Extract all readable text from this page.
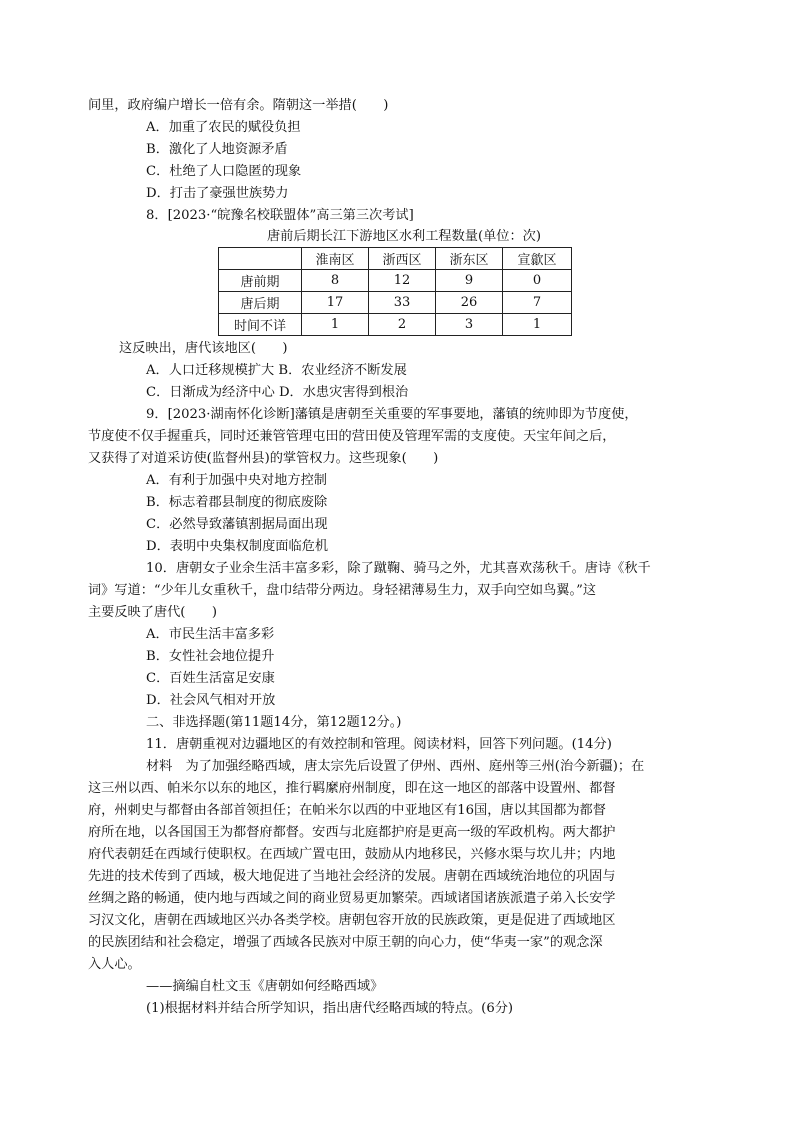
间里，政府编户增长一倍有余。隋朝这一举措(　　)
A．加重了农民的赋役负担
B．激化了人地资源矛盾
C．杜绝了人口隐匿的现象
D．打击了豪强世族势力
8．[2023·“皖豫名校联盟体”高三第三次考试]
唐前后期长江下游地区水利工程数量(单位：次)
	淮南区	浙西区	浙东区	宣歙区
唐前期	8	12	9	0
唐后期	17	33	26	7
时间不详	1	2	3	1
这反映出，唐代该地区(　　)
A．人口迁移规模扩大 B．农业经济不断发展
C．日渐成为经济中心 D．水患灾害得到根治
9．[2023·湖南怀化诊断]藩镇是唐朝至关重要的军事要地，藩镇的统帅即为节度使，
节度使不仅手握重兵，同时还兼管管理屯田的营田使及管理军需的支度使。天宝年间之后，
又获得了对道采访使(监督州县)的掌管权力。这些现象(　　)
A．有利于加强中央对地方控制
B．标志着郡县制度的彻底废除
C．必然导致藩镇割据局面出现
D．表明中央集权制度面临危机
10．唐朝女子业余生活丰富多彩，除了蹴鞠、骑马之外，尤其喜欢荡秋千。唐诗《秋千
词》写道：“少年儿女重秋千，盘巾结带分两边。身轻裙薄易生力，双手向空如鸟翼。”这
主要反映了唐代(　　)
A．市民生活丰富多彩
B．女性社会地位提升
C．百姓生活富足安康
D．社会风气相对开放
二、非选择题(第11题14分，第12题12分。)
11．唐朝重视对边疆地区的有效控制和管理。阅读材料，回答下列问题。(14分)
材料　为了加强经略西域，唐太宗先后设置了伊州、西州、庭州等三州(治今新疆)；在
这三州以西、帕米尔以东的地区，推行羁縻府州制度，即在这一地区的部落中设置州、都督
府，州刺史与都督由各部首领担任；在帕米尔以西的中亚地区有16国，唐以其国都为都督
府所在地，以各国国王为都督府都督。安西与北庭都护府是更高一级的军政机构。两大都护
府代表朝廷在西域行使职权。在西域广置屯田，鼓励从内地移民，兴修水渠与坎儿井；内地
先进的技术传到了西域，极大地促进了当地社会经济的发展。唐朝在西域统治地位的巩固与
丝绸之路的畅通，使内地与西域之间的商业贸易更加繁荣。西域诸国诸族派遣子弟入长安学
习汉文化，唐朝在西域地区兴办各类学校。唐朝包容开放的民族政策，更是促进了西域地区
的民族团结和社会稳定，增强了西域各民族对中原王朝的向心力，使“华夷一家”的观念深
入人心。
——摘编自杜文玉《唐朝如何经略西域》
(1)根据材料并结合所学知识，指出唐代经略西域的特点。(6分)
